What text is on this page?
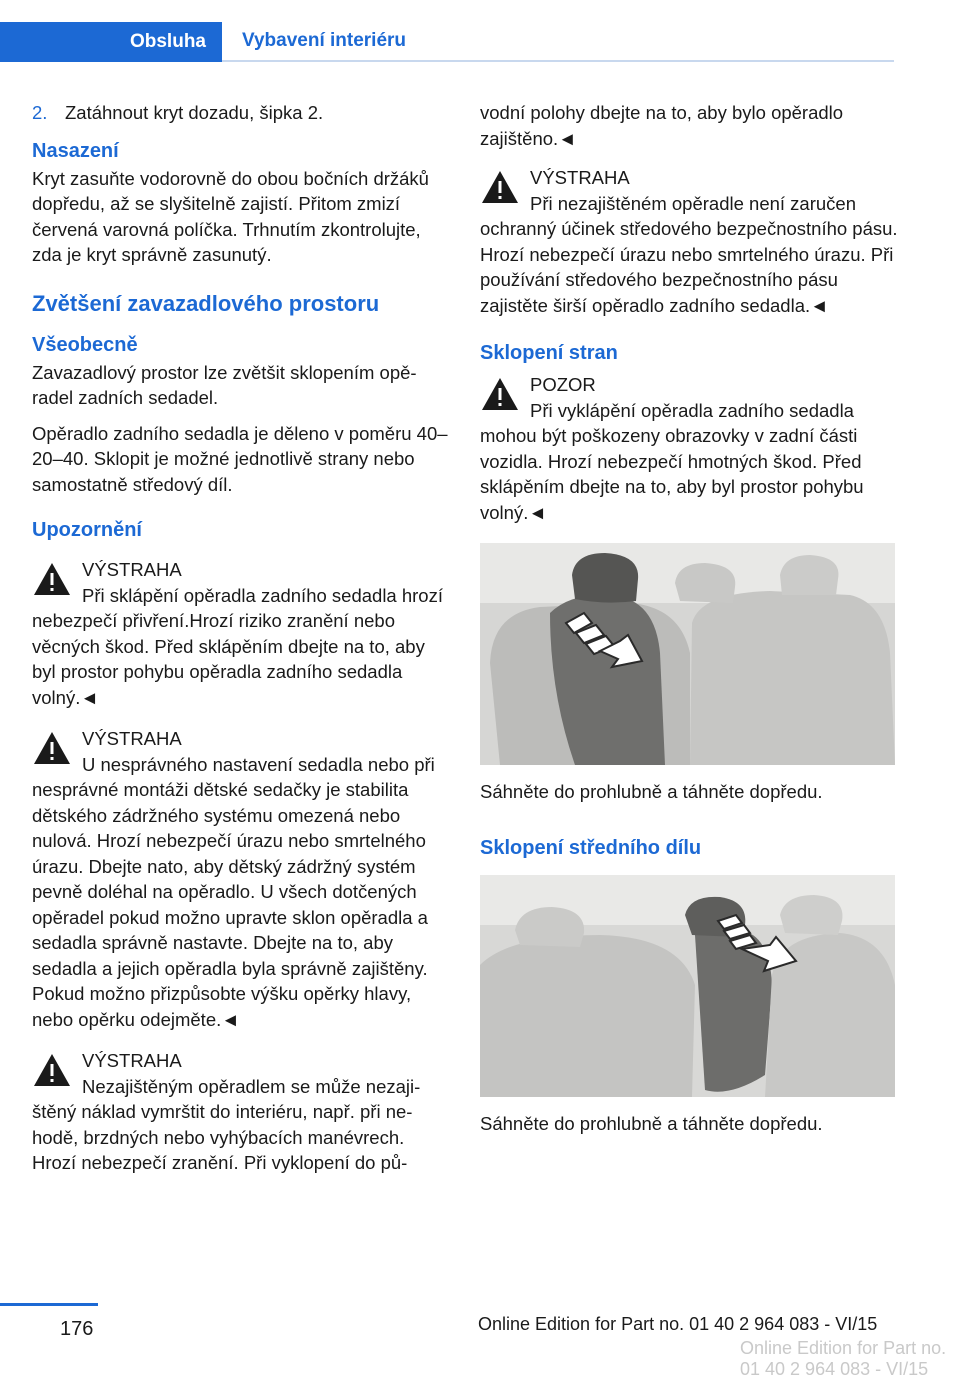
Obsluha	Vybavení interiéru
2. Zatáhnout kryt dozadu, šipka 2.
Nasazení

Kryt zasuňte vodorovně do obou bočních držáků dopředu, až se slyšitelně zajistí. Přitom zmizí červená varovná políčka. Trhnutím zkontrolujte, zda je kryt správně zasunutý.

Zvětšení zavazadlového prostoru
Všeobecně

Zavazadlový prostor lze zvětšit sklopením opěradel zadních sedadel.

Opěradlo zadního sedadla je děleno v poměru 40–20–40. Sklopit je možné jednotlivě strany nebo samostatně středový díl.

Upozornění
VÝSTRAHA
Při sklápění opěradla zadního sedadla hrozí nebezpečí přivření.Hrozí riziko zranění nebo věcných škod. Před sklápěním dbejte na to, aby byl prostor pohybu opěradla zadního sedadla volný.◄
VÝSTRAHA
U nesprávného nastavení sedadla nebo při nesprávné montáži dětské sedačky je stabilita dětského zádržného systému omezená nebo nulová. Hrozí nebezpečí úrazu nebo smrtelného úrazu. Dbejte nato, aby dětský zádržný systém pevně doléhal na opěradlo. U všech dotčených opěradel pokud možno upravte sklon opěradla a sedadla správně nastavte. Dbejte na to, aby sedadla a jejich opěradla byla správně zajištěny. Pokud možno přizpůsobte výšku opěrky hlavy, nebo opěrku odejměte.◄
VÝSTRAHA
Nezajištěným opěradlem se může nezajištěný náklad vymrštit do interiéru, např. při nehodě, brzdných nebo vyhýbacích manévrech. Hrozí nebezpečí zranění. Při vyklopení do pů-

vodní polohy dbejte na to, aby bylo opěradlo zajištěno.◄

VÝSTRAHA
Při nezajištěném opěradle není zaručen ochranný účinek středového bezpečnostního pásu. Hrozí nebezpečí úrazu nebo smrtelného úrazu. Při používání středového bezpečnostního pásu zajistěte širší opěradlo zadního sedadla.◄
Sklopení stran
POZOR
Při vyklápění opěradla zadního sedadla mohou být poškozeny obrazovky v zadní části vozidla. Hrozí nebezpečí hmotných škod. Před sklápěním dbejte na to, aby byl prostor pohybu volný.◄

Sáhněte do prohlubně a táhněte dopředu.

Sklopení středního dílu

Sáhněte do prohlubně a táhněte dopředu.

176	Online Edition for Part no. 01 40 2 964 083 - VI/15
Online Edition for Part no. 01 40 2 964 083 - VI/15
